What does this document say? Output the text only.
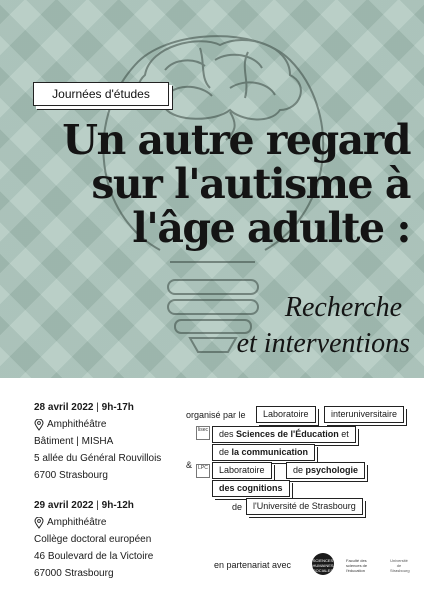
Journées d'études
Un autre regard
sur l'autisme à
l'âge adulte :
Recherche
et interventions
28 avril 2022 | 9h-17h
Amphithéâtre
Bâtiment | MISHA
5 allée du Général Rouvillois
6700 Strasbourg
29 avril 2022 | 9h-12h
Amphithéâtre
Collège doctoral européen
46 Boulevard de la Victoire
67000 Strasbourg
organisé par le	Laboratoire	interuniversitaire
lisec	des Sciences de l'Éducation et
de la communication
&	LPC	Laboratoire	de psychologie
des cognitions
de	l'Université de Strasbourg
en partenariat avec	SCIENCES HUMAINES SOCIALES
Faculté des sciences de l'éducation
Université de Strasbourg
